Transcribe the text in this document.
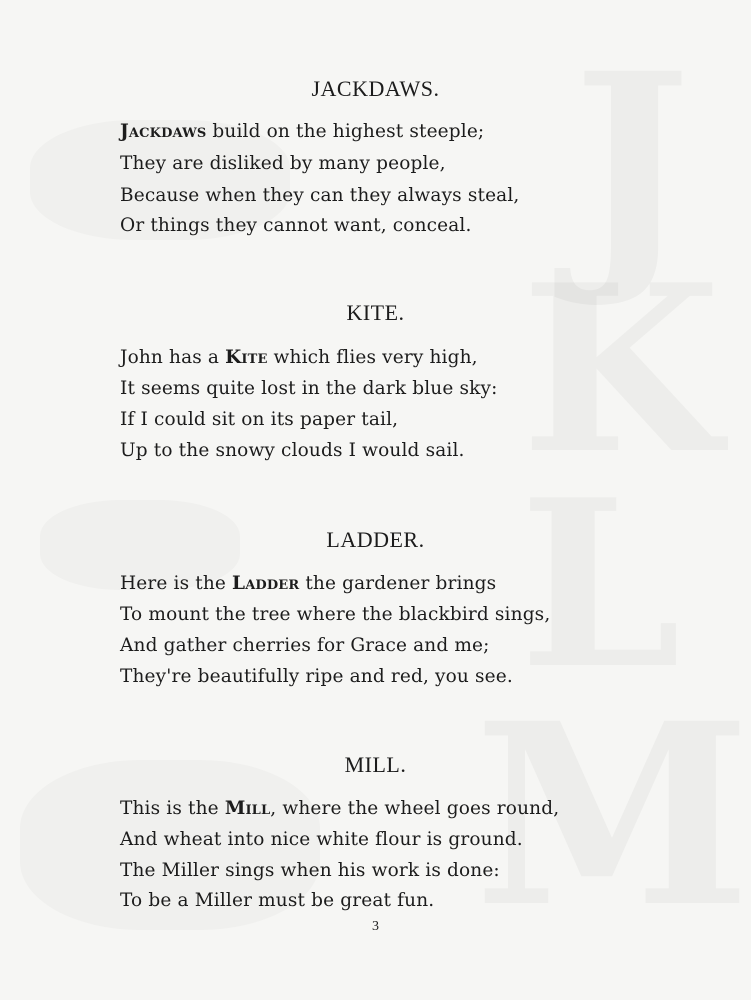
JACKDAWS.
Jackdaws build on the highest steeple;
They are disliked by many people,
Because when they can they always steal,
Or things they cannot want, conceal.
KITE.
John has a Kite which flies very high,
It seems quite lost in the dark blue sky:
If I could sit on its paper tail,
Up to the snowy clouds I would sail.
LADDER.
Here is the Ladder the gardener brings
To mount the tree where the blackbird sings,
And gather cherries for Grace and me;
They're beautifully ripe and red, you see.
MILL.
This is the Mill, where the wheel goes round,
And wheat into nice white flour is ground.
The Miller sings when his work is done:
To be a Miller must be great fun.
3
